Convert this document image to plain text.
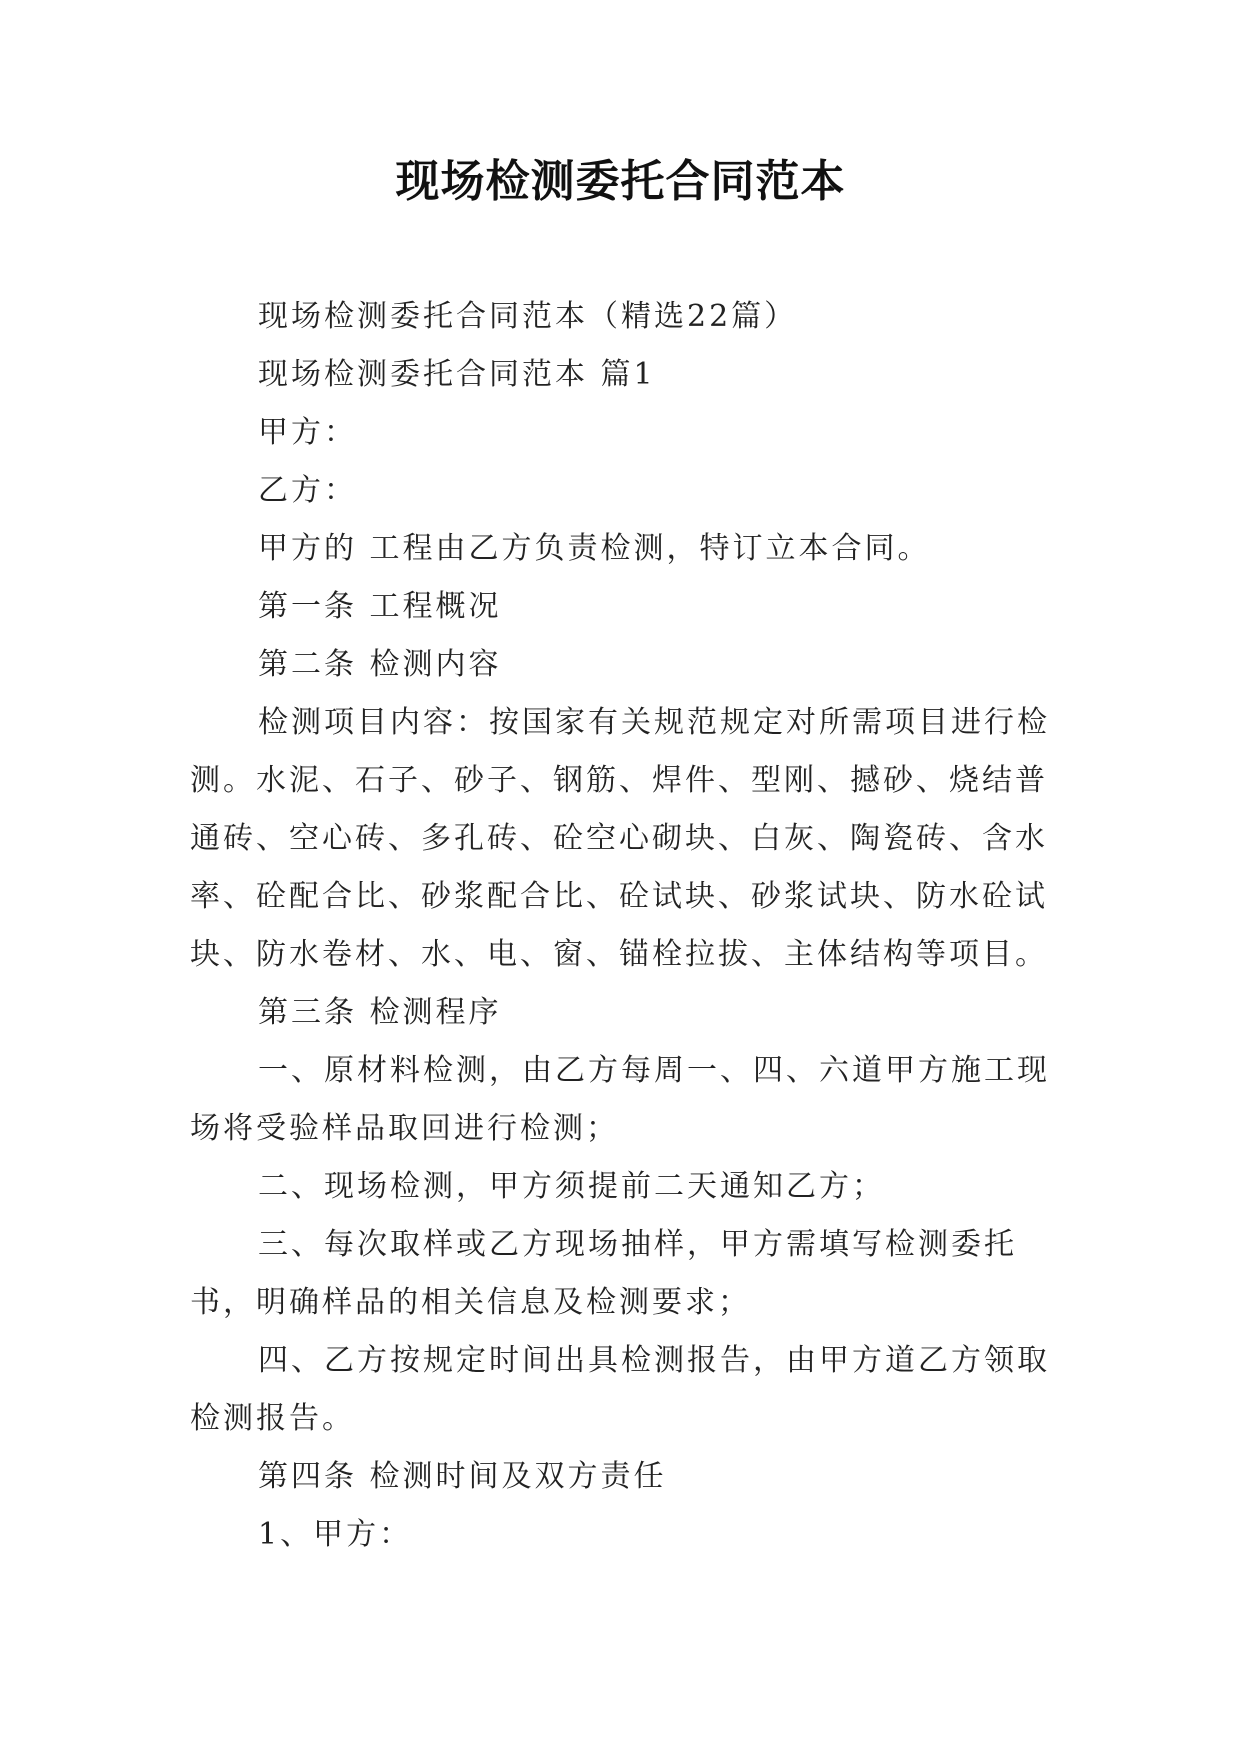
现场检测委托合同范本

现场检测委托合同范本（精选22篇）

现场检测委托合同范本 篇1

甲方：

乙方：

甲方的 工程由乙方负责检测，特订立本合同。

第一条 工程概况

第二条 检测内容

检测项目内容：按国家有关规范规定对所需项目进行检测。水泥、石子、砂子、钢筋、焊件、型刚、撼砂、烧结普通砖、空心砖、多孔砖、砼空心砌块、白灰、陶瓷砖、含水率、砼配合比、砂浆配合比、砼试块、砂浆试块、防水砼试块、防水卷材、水、电、窗、锚栓拉拔、主体结构等项目。

第三条 检测程序

一、原材料检测，由乙方每周一、四、六道甲方施工现场将受验样品取回进行检测；

二、现场检测，甲方须提前二天通知乙方；

三、每次取样或乙方现场抽样，甲方需填写检测委托书，明确样品的相关信息及检测要求；

四、乙方按规定时间出具检测报告，由甲方道乙方领取检测报告。

第四条 检测时间及双方责任

1、甲方：
